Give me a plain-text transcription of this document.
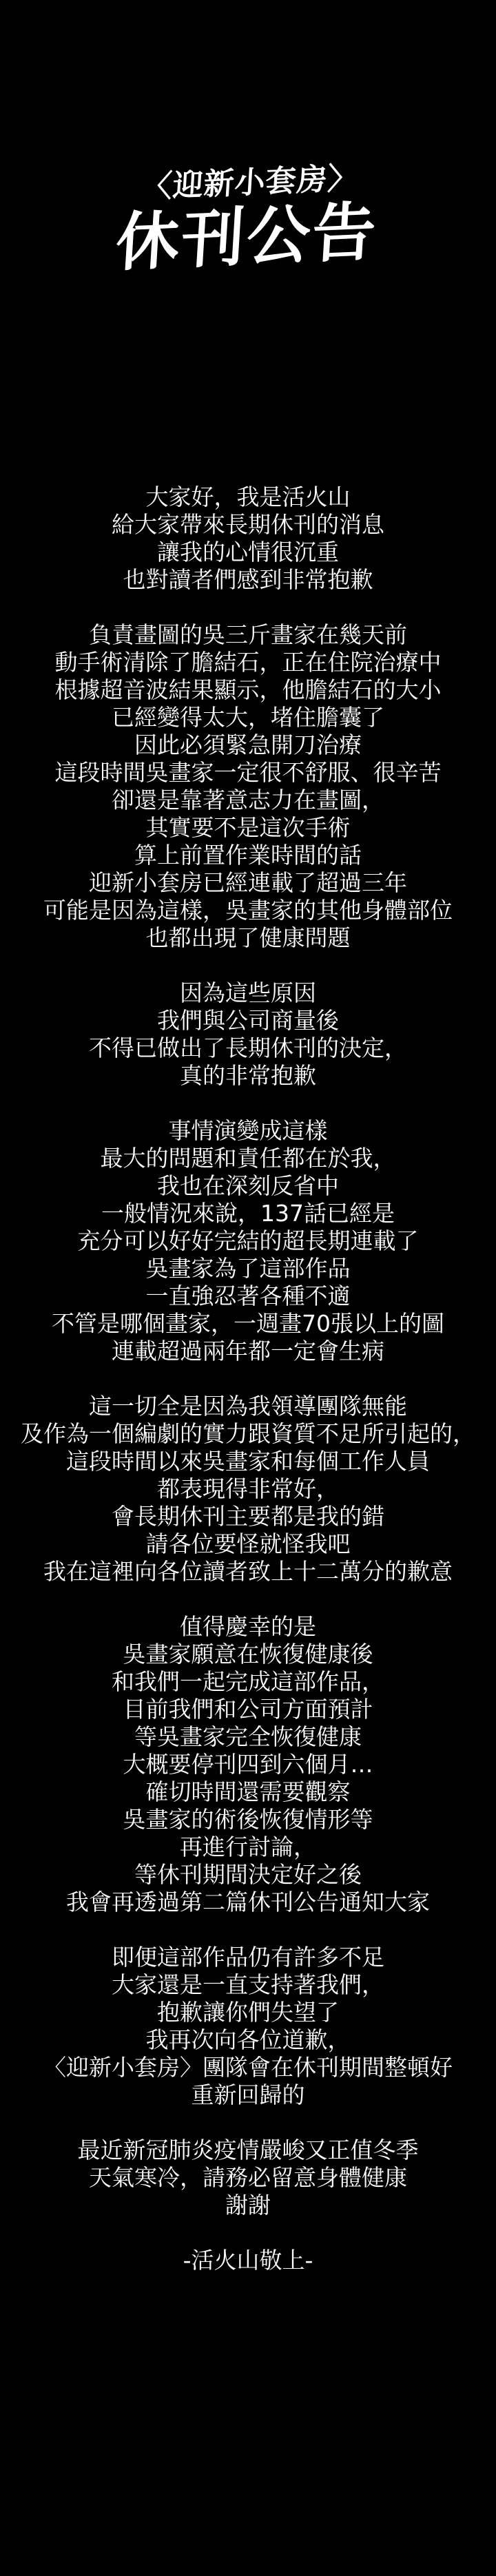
〈迎新小套房〉
休刊公告
大家好，我是活火山
給大家帶來長期休刊的消息
讓我的心情很沉重
也對讀者們感到非常抱歉
負責畫圖的吳三斤畫家在幾天前
動手術清除了膽結石，正在住院治療中
根據超音波結果顯示，他膽結石的大小
已經變得太大，堵住膽囊了
因此必須緊急開刀治療
這段時間吳畫家一定很不舒服、很辛苦
卻還是靠著意志力在畫圖，
其實要不是這次手術
算上前置作業時間的話
迎新小套房已經連載了超過三年
可能是因為這樣，吳畫家的其他身體部位
也都出現了健康問題
因為這些原因
我們與公司商量後
不得已做出了長期休刊的決定，
真的非常抱歉
事情演變成這樣
最大的問題和責任都在於我，
我也在深刻反省中
一般情況來說，137話已經是
充分可以好好完結的超長期連載了
吳畫家為了這部作品
一直強忍著各種不適
不管是哪個畫家，一週畫70張以上的圖
連載超過兩年都一定會生病
這一切全是因為我領導團隊無能
及作為一個編劇的實力跟資質不足所引起的，
這段時間以來吳畫家和每個工作人員
都表現得非常好，
會長期休刊主要都是我的錯
請各位要怪就怪我吧
我在這裡向各位讀者致上十二萬分的歉意
值得慶幸的是
吳畫家願意在恢復健康後
和我們一起完成這部作品，
目前我們和公司方面預計
等吳畫家完全恢復健康
大概要停刊四到六個月…
確切時間還需要觀察
吳畫家的術後恢復情形等
再進行討論，
等休刊期間決定好之後
我會再透過第二篇休刊公告通知大家
即便這部作品仍有許多不足
大家還是一直支持著我們，
抱歉讓你們失望了
我再次向各位道歉，
〈迎新小套房〉團隊會在休刊期間整頓好
重新回歸的
最近新冠肺炎疫情嚴峻又正值冬季
天氣寒冷，請務必留意身體健康
謝謝
-活火山敬上-
